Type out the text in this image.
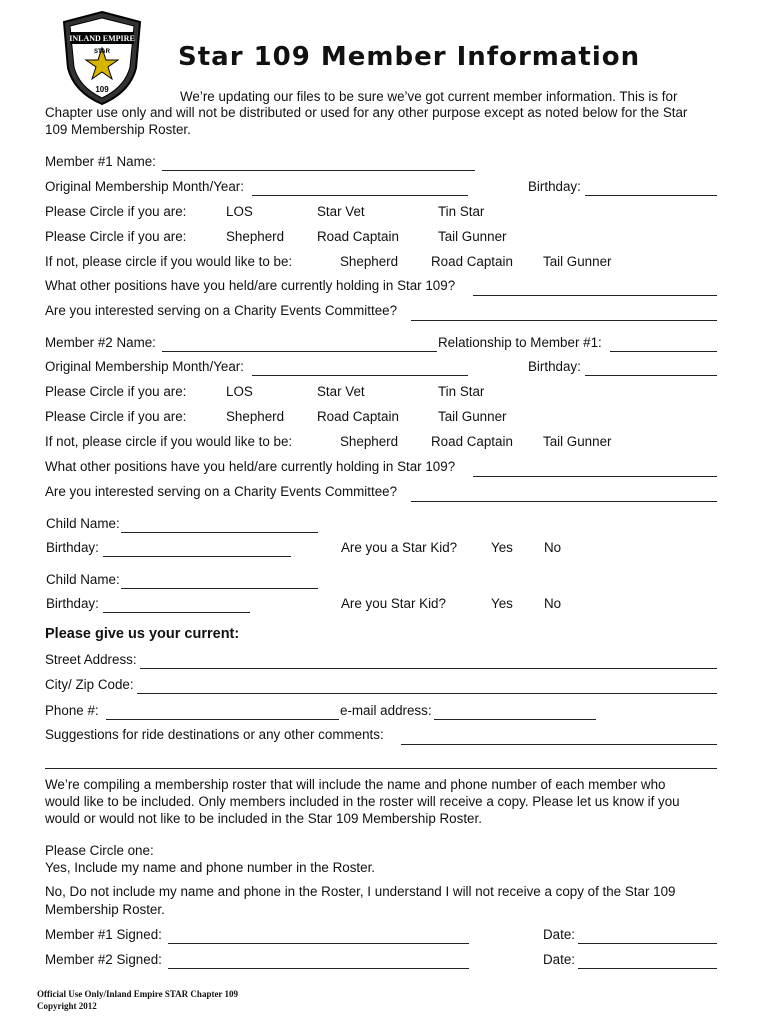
INLAND EMPIRE
STAR
109
Star 109 Member Information
We’re updating our files to be sure we’ve got current member information. This is for
Chapter use only and will not be distributed or used for any other purpose except as noted below for the Star
109 Membership Roster.
Member #1 Name:
Original Membership Month/Year:	Birthday:
Please Circle if you are:	LOS	Star Vet	Tin Star
Please Circle if you are:	Shepherd Road Captain	Tail Gunner
If not, please circle if you would like to be:	Shepherd Road Captain Tail Gunner
What other positions have you held/are currently holding in Star 109?
Are you interested serving on a Charity Events Committee?
Member #2 Name:	Relationship to Member #1:
Original Membership Month/Year:	Birthday:
Please Circle if you are:	LOS	Star Vet	Tin Star
Please Circle if you are:	Shepherd Road Captain	Tail Gunner
If not, please circle if you would like to be:	Shepherd Road Captain Tail Gunner
What other positions have you held/are currently holding in Star 109?
Are you interested serving on a Charity Events Committee?
Child Name:
Birthday:	Are you a Star Kid?	Yes No
Child Name:
Birthday:	Are you Star Kid?	Yes No
Please give us your current:
Street Address:
City/ Zip Code:
Phone #:	e-mail address:
Suggestions for ride destinations or any other comments:
We’re compiling a membership roster that will include the name and phone number of each member who
would like to be included. Only members included in the roster will receive a copy. Please let us know if you
would or would not like to be included in the Star 109 Membership Roster.
Please Circle one:
Yes, Include my name and phone number in the Roster.
No, Do not include my name and phone in the Roster, I understand I will not receive a copy of the Star 109
Membership Roster.
Member #1 Signed:	Date:
Member #2 Signed:	Date:
Official Use Only/Inland Empire STAR Chapter 109
Copyright 2012
